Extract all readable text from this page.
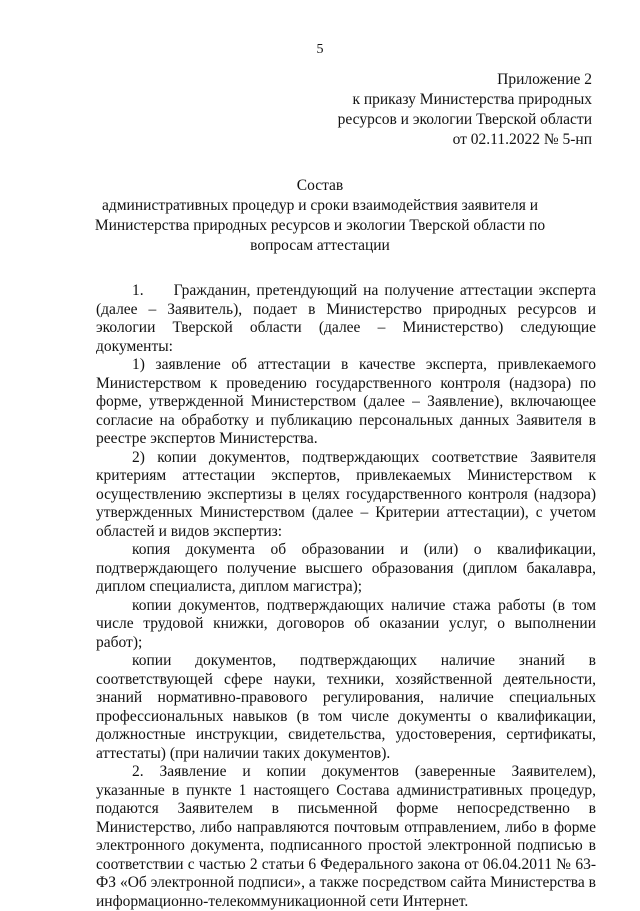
5
Приложение 2
к приказу Министерства природных
ресурсов и экологии Тверской области
от 02.11.2022 № 5-нп
Состав
административных процедур и сроки взаимодействия заявителя и
Министерства природных ресурсов и экологии Тверской области по
вопросам аттестации

1.     Гражданин, претендующий на получение аттестации эксперта (далее – Заявитель), подает в Министерство природных ресурсов и экологии Тверской области (далее – Министерство) следующие документы:

1) заявление об аттестации в качестве эксперта, привлекаемого Министерством к проведению государственного контроля (надзора) по форме, утвержденной Министерством (далее – Заявление), включающее согласие на обработку и публикацию персональных данных Заявителя в реестре экспертов Министерства.

2) копии документов, подтверждающих соответствие Заявителя критериям аттестации экспертов, привлекаемых Министерством к осуществлению экспертизы в целях государственного контроля (надзора) утвержденных Министерством (далее – Критерии аттестации), с учетом областей и видов экспертиз:

копия документа об образовании и (или) о квалификации, подтверждающего получение высшего образования (диплом бакалавра, диплом специалиста, диплом магистра);

копии документов, подтверждающих наличие стажа работы (в том числе трудовой книжки, договоров об оказании услуг, о выполнении работ);

копии документов, подтверждающих наличие знаний в соответствующей сфере науки, техники, хозяйственной деятельности, знаний нормативно-правового регулирования, наличие специальных профессиональных навыков (в том числе документы о квалификации, должностные инструкции, свидетельства, удостоверения, сертификаты, аттестаты) (при наличии таких документов).

2. Заявление и копии документов (заверенные Заявителем), указанные в пункте 1 настоящего Состава административных процедур, подаются Заявителем в письменной форме непосредственно в Министерство, либо направляются почтовым отправлением, либо в форме электронного документа, подписанного простой электронной подписью в соответствии с частью 2 статьи 6 Федерального закона от 06.04.2011 № 63-ФЗ «Об электронной подписи», а также посредством сайта Министерства в информационно-телекоммуникационной сети Интернет.
